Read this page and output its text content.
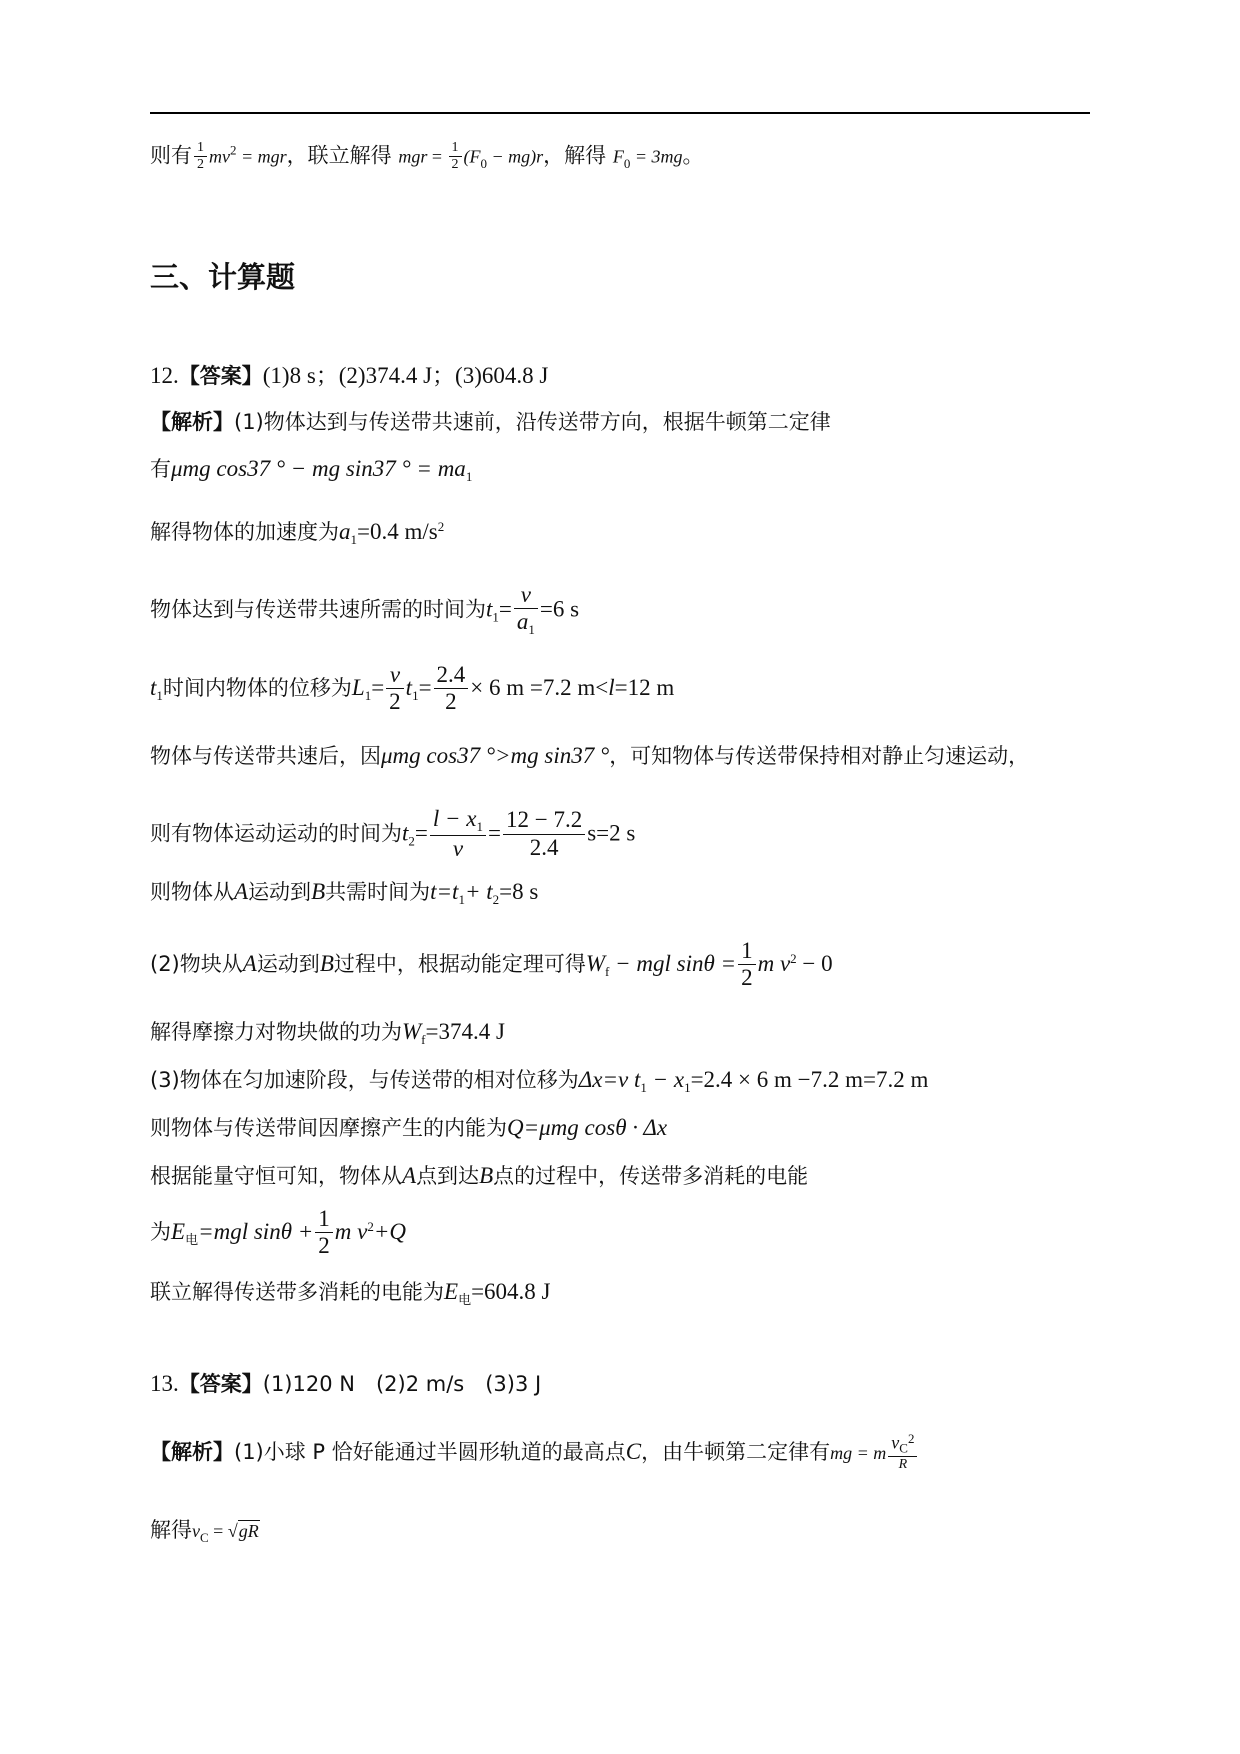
则有 $\frac{1}{2} mv^2$ = mgr，联立解得 mgr = $\frac{1}{2} (F_0 - mg)r$，解得 $F_0 = 3mg$。
三、计算题
12.【答案】(1)8 s；(2)374.4 J；(3)604.8 J
【解析】(1)物体达到与传送带共速前，沿传送带方向，根据牛顿第二定律
有μmg cos37 ° − mg sin37 ° = $ma_1$
解得物体的加速度为$a_1=0.4$ $m/s^2$
物体达到与传送带共速所需的时间为$t_1= \frac{v}{a_1} =6$ s
$t_1$时间内物体的位移为$L_1= \frac{v}{2} t_1= \frac{2.4}{2} \times 6$ m =7.2 m<l=12 m
物体与传送带共速后，因μmg cos37 °>mg sin37 °，可知物体与传送带保持相对静止匀速运动，
则有物体运动运动的时间为$t_2= \frac{l - x_1}{v} = \frac{12 - 7.2}{2.4} s=2$ s
则物体从A运动到B共需时间为$t=t_1+ t_2=8$ s
(2)物块从A运动到B过程中，根据动能定理可得$W_f$ − mgl $\sin\theta = \frac{1}{2}$ m $v^2 - 0$
解得摩擦力对物块做的功为$W_f=374.4$ J
(3)物体在匀加速阶段，与传送带的相对位移为Δx=v $t_1 - x_1=2.4 \times 6$ m −7.2 m=7.2 m
则物体与传送带间因摩擦产生的内能为Q=μmg cosθ · Δx
根据能量守恒可知，物体从A点到达B点的过程中，传送带多消耗的电能
为$E_电=mgl$ $\sin\theta + \frac{1}{2}$ m $v^2+Q$
联立解得传送带多消耗的电能为$E_电=604.8$ J
13.【答案】(1)120 N　(2)2 m/s　(3)3 J
【解析】(1)小球 P 恰好能通过半圆形轨道的最高点C，由牛顿第二定律有mg = m $\frac{v_C^2}{R}$
解得$v_C = √gR$
